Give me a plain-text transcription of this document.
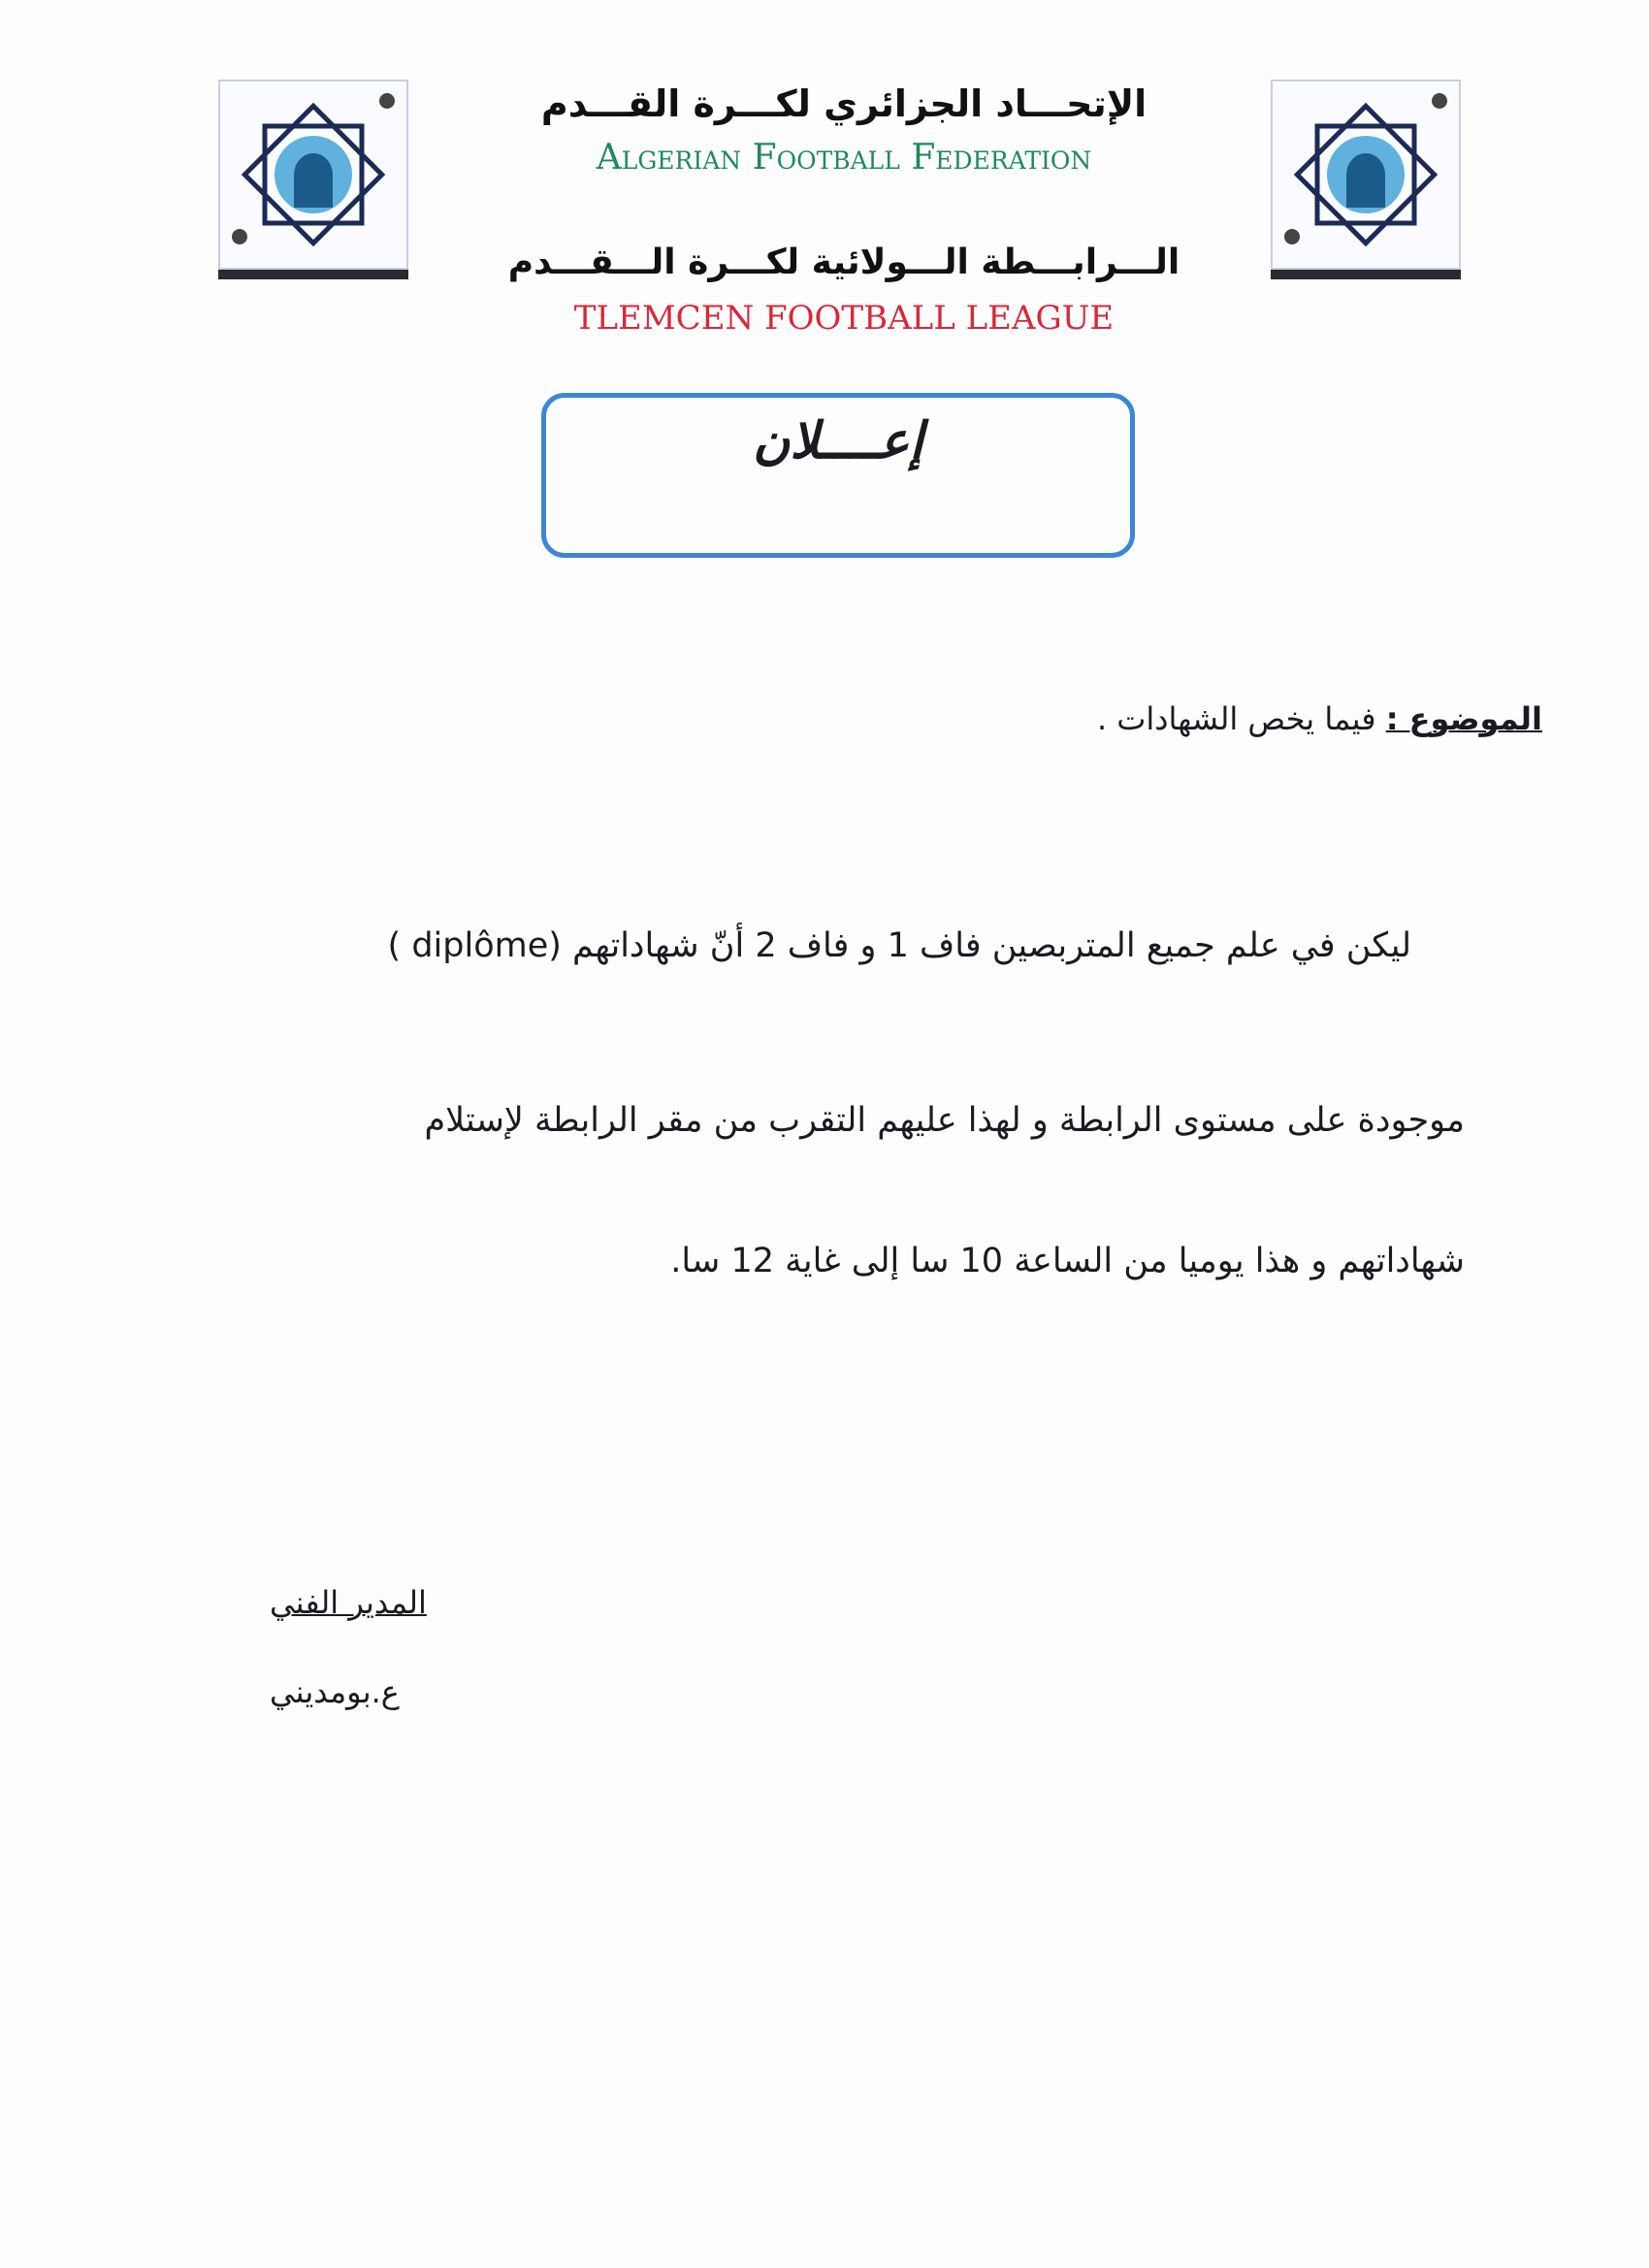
الإتحـــاد الجزائري لكـــرة القـــدم
Algerian Football Federation
الـــرابـــطة الـــولائية لكـــرة الـــقـــدم
TLEMCEN FOOTBALL LEAGUE
إعــــلان
الموضوع : فيما يخص الشهادات .
ليكن في علم جميع المتربصين فاف 1 و فاف 2 أنّ شهاداتهم (diplôme )
موجودة على مستوى الرابطة و لهذا عليهم التقرب من مقر الرابطة لإستلام
شهاداتهم و هذا يوميا من الساعة 10 سا إلى غاية 12 سا.
المدير الفني
ع.بومديني
